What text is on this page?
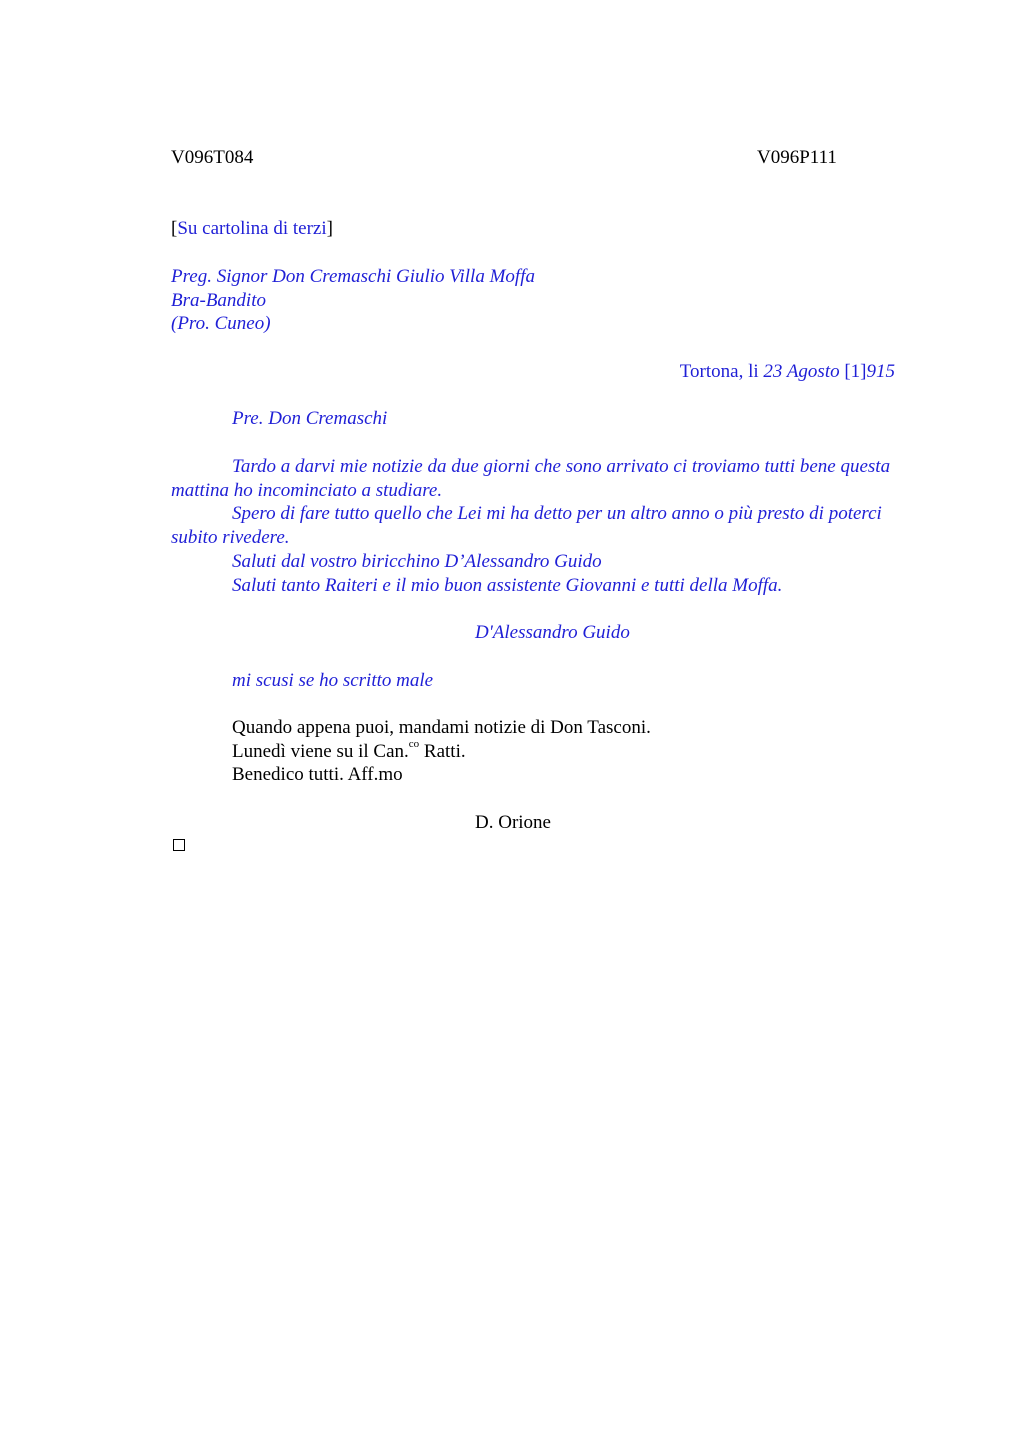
V096T084	V096P111
[Su cartolina di terzi]

Preg. Signor Don Cremaschi Giulio Villa Moffa

Bra-Bandito

(Pro. Cuneo)

Tortona, li 23 Agosto [1]915

Pre. Don Cremaschi

Tardo a darvi mie notizie da due giorni che sono arrivato ci troviamo tutti bene questa mattina ho incominciato a studiare.

Spero di fare tutto quello che Lei mi ha detto per un altro anno o più presto di poterci subito rivedere.

Saluti dal vostro biricchino D’Alessandro Guido

Saluti tanto Raiteri e il mio buon assistente Giovanni e tutti della Moffa.

D'Alessandro Guido

mi scusi se ho scritto male

Quando appena puoi, mandami notizie di Don Tasconi.

Lunedì viene su il Can.$^{co}$ Ratti.

Benedico tutti. Aff.mo

D. Orione
